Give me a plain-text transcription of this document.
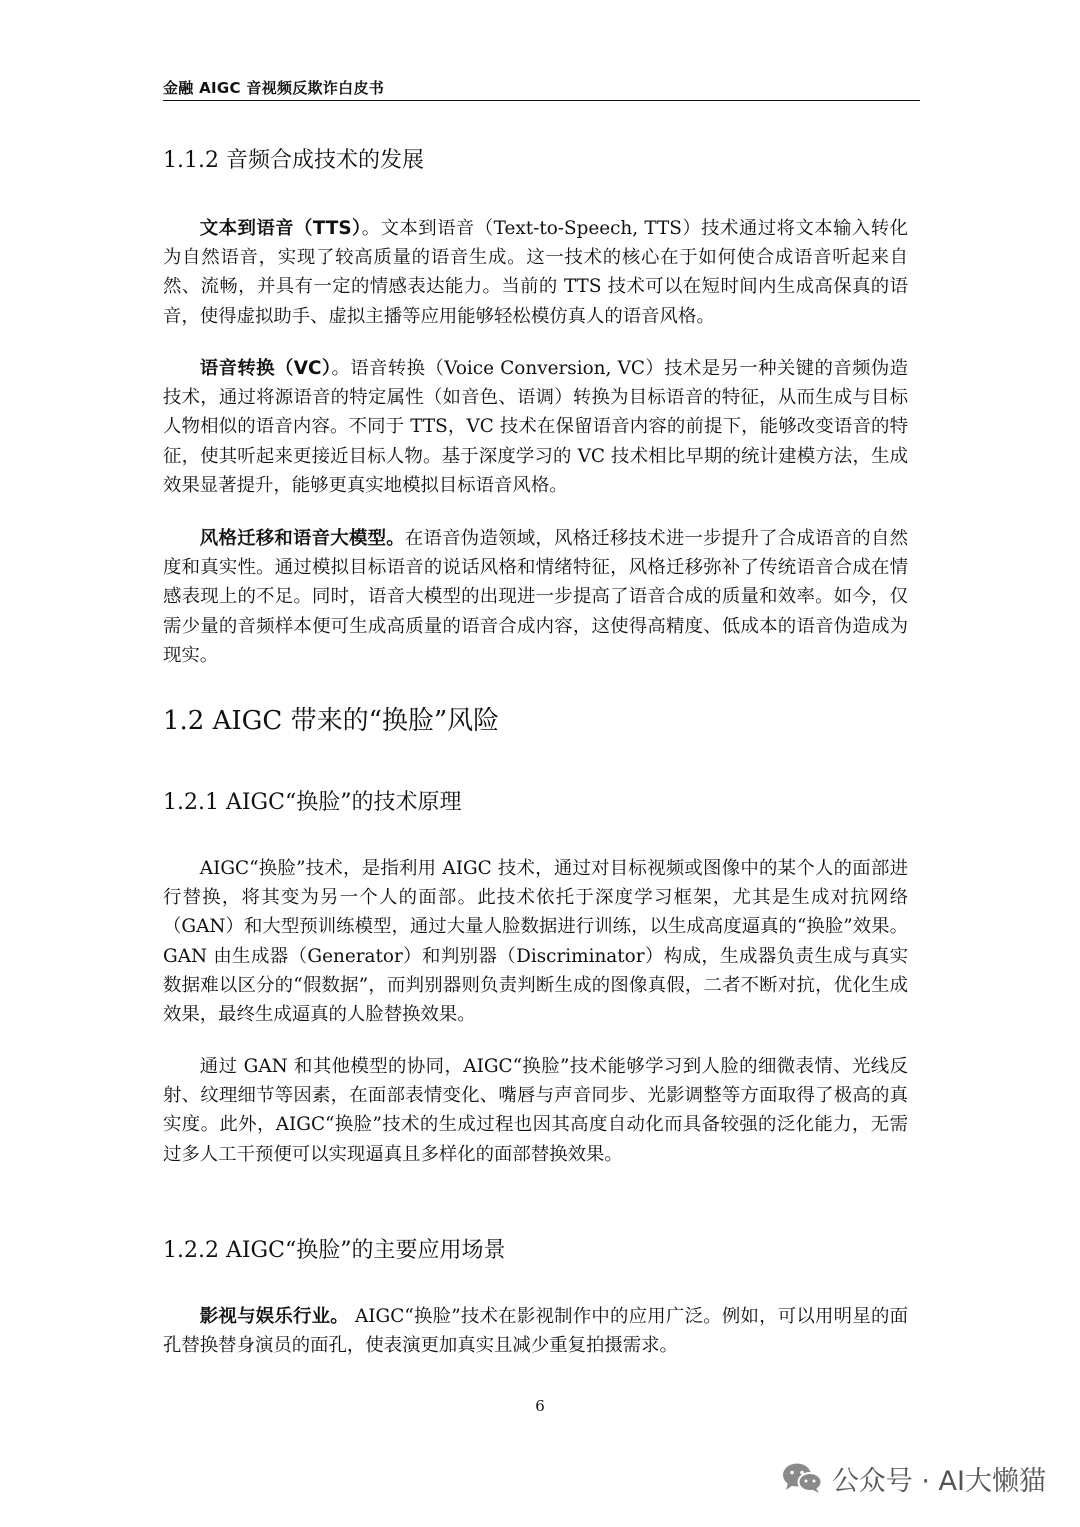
金融 AIGC 音视频反欺诈白皮书
1.1.2 音频合成技术的发展

文本到语音（TTS）。文本到语音（Text-to-Speech, TTS）技术通过将文本输入转化为自然语音，实现了较高质量的语音生成。这一技术的核心在于如何使合成语音听起来自然、流畅，并具有一定的情感表达能力。当前的 TTS 技术可以在短时间内生成高保真的语音，使得虚拟助手、虚拟主播等应用能够轻松模仿真人的语音风格。

语音转换（VC）。语音转换（Voice Conversion, VC）技术是另一种关键的音频伪造技术，通过将源语音的特定属性（如音色、语调）转换为目标语音的特征，从而生成与目标人物相似的语音内容。不同于 TTS，VC 技术在保留语音内容的前提下，能够改变语音的特征，使其听起来更接近目标人物。基于深度学习的 VC 技术相比早期的统计建模方法，生成效果显著提升，能够更真实地模拟目标语音风格。

风格迁移和语音大模型。在语音伪造领域，风格迁移技术进一步提升了合成语音的自然度和真实性。通过模拟目标语音的说话风格和情绪特征，风格迁移弥补了传统语音合成在情感表现上的不足。同时，语音大模型的出现进一步提高了语音合成的质量和效率。如今，仅需少量的音频样本便可生成高质量的语音合成内容，这使得高精度、低成本的语音伪造成为现实。

1.2 AIGC 带来的“换脸”风险
1.2.1 AIGC“换脸”的技术原理

AIGC“换脸”技术，是指利用 AIGC 技术，通过对目标视频或图像中的某个人的面部进行替换，将其变为另一个人的面部。此技术依托于深度学习框架，尤其是生成对抗网络（GAN）和大型预训练模型，通过大量人脸数据进行训练，以生成高度逼真的“换脸”效果。GAN 由生成器（Generator）和判别器（Discriminator）构成，生成器负责生成与真实数据难以区分的“假数据”，而判别器则负责判断生成的图像真假，二者不断对抗，优化生成效果，最终生成逼真的人脸替换效果。

通过 GAN 和其他模型的协同，AIGC“换脸”技术能够学习到人脸的细微表情、光线反射、纹理细节等因素，在面部表情变化、嘴唇与声音同步、光影调整等方面取得了极高的真实度。此外，AIGC“换脸”技术的生成过程也因其高度自动化而具备较强的泛化能力，无需过多人工干预便可以实现逼真且多样化的面部替换效果。

1.2.2 AIGC“换脸”的主要应用场景

影视与娱乐行业。 AIGC“换脸”技术在影视制作中的应用广泛。例如，可以用明星的面孔替换替身演员的面孔，使表演更加真实且减少重复拍摄需求。

6
公众号 · AI大懒猫
